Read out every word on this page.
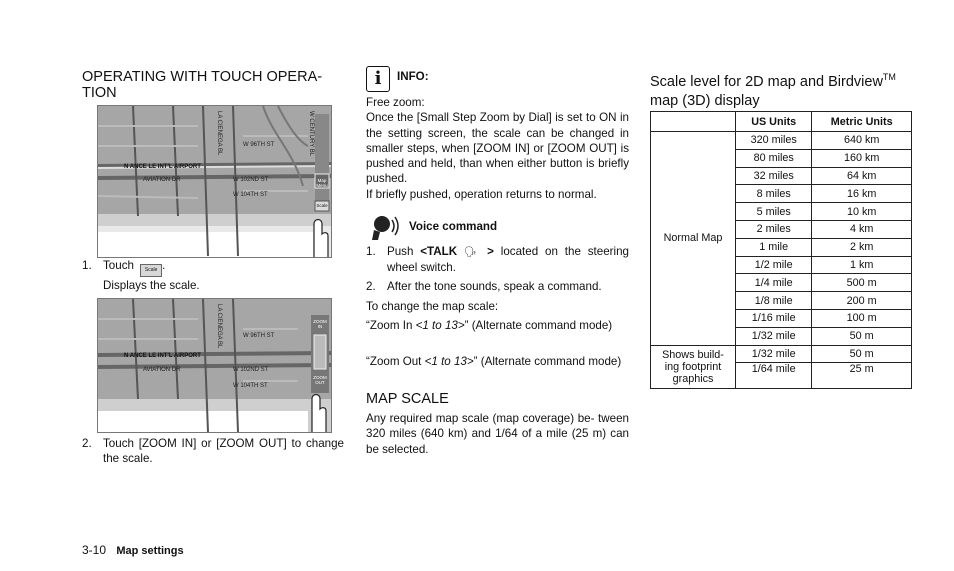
OPERATING WITH TOUCH OPERA- TION
LA CIENEGA BL	W CENTURY BL
W 96TH ST
N ANCE LE INT'L AIRPORT
AVIATION DR	W 102ND ST
W 104TH ST
Map Menu
Scale
1. Touch Scale .
Displays the scale.
LA CIENEGA BL	W 96TH ST
N ANCE LE INT'L AIRPORT
AVIATION DR	W 102ND ST
W 104TH ST
ZOOM IN
ZOOM OUT
2. Touch [ZOOM IN] or [ZOOM OUT] to change the scale.
i	INFO:
Free zoom:
Once the [Small Step Zoom by Dial] is set to ON in the setting screen, the scale can be changed in smaller steps, when [ZOOM IN] or [ZOOM OUT] is pushed and held, than when either button is briefly pushed.
If briefly pushed, operation returns to normal.
Voice command
1. Push <TALK 🗣 > located on the steering wheel switch.
2. After the tone sounds, speak a command.
To change the map scale:
“Zoom In <1 to 13>” (Alternate command mode)
“Zoom Out <1 to 13>” (Alternate command mode)
MAP SCALE
Any required map scale (map coverage) be- tween 320 miles (640 km) and 1/64 of a mile (25 m) can be selected.
Scale level for 2D map and Birdview™
map (3D) display
	US Units	Metric Units
Normal Map	320 miles	640 km
	80 miles	160 km
	32 miles	64 km
	8 miles	16 km
	5 miles	10 km
	2 miles	4 km
	1 mile	2 km
	1/2 mile	1 km
	1/4 mile	500 m
	1/8 mile	200 m
	1/16 mile	100 m
	1/32 mile	50 m
Shows build- ing footprint graphics	1/32 mile	50 m
	1/64 mile	25 m
3-10 Map settings
